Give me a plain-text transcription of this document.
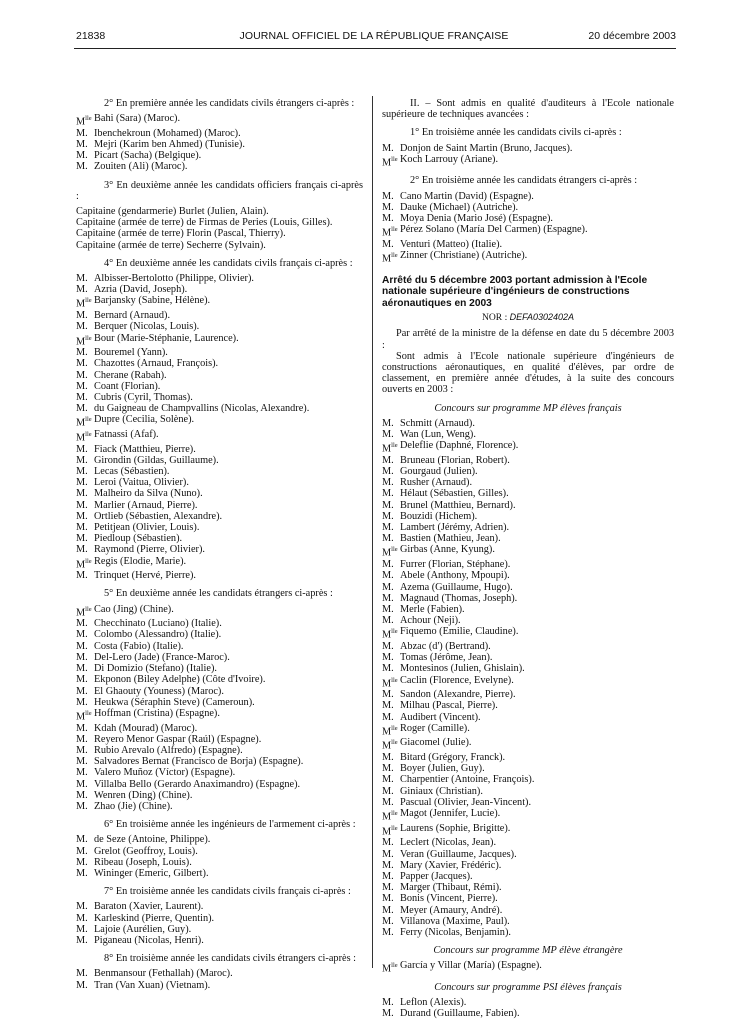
21838	JOURNAL OFFICIEL DE LA RÉPUBLIQUE FRANÇAISE	20 décembre 2003

2° En première année les candidats civils étrangers ci-après :

$M^{lle}$ Bahi (Sara) (Maroc).
M. Ibenchekroun (Mohamed) (Maroc).
M. Mejri (Karim ben Ahmed) (Tunisie).
M. Picart (Sacha) (Belgique).
M. Zouiten (Ali) (Maroc).

3° En deuxième année les candidats officiers français ci-après :

Capitaine (gendarmerie) Burlet (Julien, Alain).
Capitaine (armée de terre) de Firmas de Peries (Louis, Gilles).
Capitaine (armée de terre) Florin (Pascal, Thierry).
Capitaine (armée de terre) Secherre (Sylvain).

4° En deuxième année les candidats civils français ci-après :

M. Albisser-Bertolotto (Philippe, Olivier).
M. Azria (David, Joseph).
$M^{lle}$ Barjansky (Sabine, Hélène).
M. Bernard (Arnaud).
M. Berquer (Nicolas, Louis).
$M^{lle}$ Bour (Marie-Stéphanie, Laurence).
M. Bouremel (Yann).
M. Chazottes (Arnaud, François).
M. Cherane (Rabah).
M. Coant (Florian).
M. Cubris (Cyril, Thomas).
M. du Gaigneau de Champvallins (Nicolas, Alexandre).
$M^{lle}$ Dupre (Cecilia, Solène).
$M^{lle}$ Fatnassi (Afaf).
M. Fiack (Matthieu, Pierre).
M. Girondin (Gildas, Guillaume).
M. Lecas (Sébastien).
M. Leroi (Vaitua, Olivier).
M. Malheiro da Silva (Nuno).
M. Marlier (Arnaud, Pierre).
M. Ortlieb (Sébastien, Alexandre).
M. Petitjean (Olivier, Louis).
M. Piedloup (Sébastien).
M. Raymond (Pierre, Olivier).
$M^{lle}$ Regis (Elodie, Marie).
M. Trinquet (Hervé, Pierre).

5° En deuxième année les candidats étrangers ci-après :

$M^{lle}$ Cao (Jing) (Chine).
M. Checchinato (Luciano) (Italie).
M. Colombo (Alessandro) (Italie).
M. Costa (Fabio) (Italie).
M. Del-Lero (Jade) (France-Maroc).
M. Di Domizio (Stefano) (Italie).
M. Ekponon (Biley Adelphe) (Côte d'Ivoire).
M. El Ghaouty (Youness) (Maroc).
M. Heukwa (Séraphin Steve) (Cameroun).
$M^{lle}$ Hoffman (Cristina) (Espagne).
M. Kdah (Mourad) (Maroc).
M. Reyero Menor Gaspar (Raúl) (Espagne).
M. Rubio Arevalo (Alfredo) (Espagne).
M. Salvadores Bernat (Francisco de Borja) (Espagne).
M. Valero Muñoz (Víctor) (Espagne).
M. Villalba Bello (Gerardo Anaximandro) (Espagne).
M. Wenren (Ding) (Chine).
M. Zhao (Jie) (Chine).

6° En troisième année les ingénieurs de l'armement ci-après :

M. de Seze (Antoine, Philippe).
M. Grelot (Geoffroy, Louis).
M. Ribeau (Joseph, Louis).
M. Wininger (Emeric, Gilbert).

7° En troisième année les candidats civils français ci-après :

M. Baraton (Xavier, Laurent).
M. Karleskind (Pierre, Quentin).
M. Lajoie (Aurélien, Guy).
M. Piganeau (Nicolas, Henri).

8° En troisième année les candidats civils étrangers ci-après :

M. Benmansour (Fethallah) (Maroc).
M. Tran (Van Xuan) (Vietnam).

II. – Sont admis en qualité d'auditeurs à l'Ecole nationale supérieure de techniques avancées :

1° En troisième année les candidats civils ci-après :

M. Donjon de Saint Martin (Bruno, Jacques).
$M^{lle}$ Koch Larrouy (Ariane).

2° En troisième année les candidats étrangers ci-après :

M. Cano Martin (David) (Espagne).
M. Dauke (Michael) (Autriche).
M. Moya Denia (Mario José) (Espagne).
$M^{lle}$ Pérez Solano (María Del Carmen) (Espagne).
M. Venturi (Matteo) (Italie).
$M^{lle}$ Zinner (Christiane) (Autriche).
Arrêté du 5 décembre 2003 portant admission à l'Ecole nationale supérieure d'ingénieurs de constructions aéronautiques en 2003
NOR : DEFA0302402A

Par arrêté de la ministre de la défense en date du 5 décembre 2003 :

Sont admis à l'Ecole nationale supérieure d'ingénieurs de constructions aéronautiques, en qualité d'élèves, par ordre de classement, en première année d'études, à la suite des concours ouverts en 2003 :

Concours sur programme MP élèves français
M. Schmitt (Arnaud).
M. Wan (Lun, Weng).
$M^{lle}$ Deleflie (Daphné, Florence).
M. Bruneau (Florian, Robert).
M. Gourgaud (Julien).
M. Rusher (Arnaud).
M. Hélaut (Sébastien, Gilles).
M. Brunel (Matthieu, Bernard).
M. Bouzidi (Hichem).
M. Lambert (Jérémy, Adrien).
M. Bastien (Mathieu, Jean).
$M^{lle}$ Girbas (Anne, Kyung).
M. Furrer (Florian, Stéphane).
M. Abele (Anthony, Mpoupi).
M. Azema (Guillaume, Hugo).
M. Magnaud (Thomas, Joseph).
M. Merle (Fabien).
M. Achour (Neji).
$M^{lle}$ Fiquemo (Emilie, Claudine).
M. Abzac (d') (Bertrand).
M. Tomas (Jérôme, Jean).
M. Montesinos (Julien, Ghislain).
$M^{lle}$ Caclin (Florence, Evelyne).
M. Sandon (Alexandre, Pierre).
M. Milhau (Pascal, Pierre).
M. Audibert (Vincent).
$M^{lle}$ Roger (Camille).
$M^{lle}$ Giacomel (Julie).
M. Bitard (Grégory, Franck).
M. Boyer (Julien, Guy).
M. Charpentier (Antoine, François).
M. Giniaux (Christian).
M. Pascual (Olivier, Jean-Vincent).
$M^{lle}$ Magot (Jennifer, Lucie).
$M^{lle}$ Laurens (Sophie, Brigitte).
M. Leclert (Nicolas, Jean).
M. Veran (Guillaume, Jacques).
M. Mary (Xavier, Frédéric).
M. Papper (Jacques).
M. Marger (Thibaut, Rémi).
M. Bonis (Vincent, Pierre).
M. Meyer (Amaury, André).
M. Villanova (Maxime, Paul).
M. Ferry (Nicolas, Benjamin).
Concours sur programme MP élève étrangère
$M^{lle}$ García y Villar (María) (Espagne).
Concours sur programme PSI élèves français
M. Leflon (Alexis).
M. Durand (Guillaume, Fabien).
